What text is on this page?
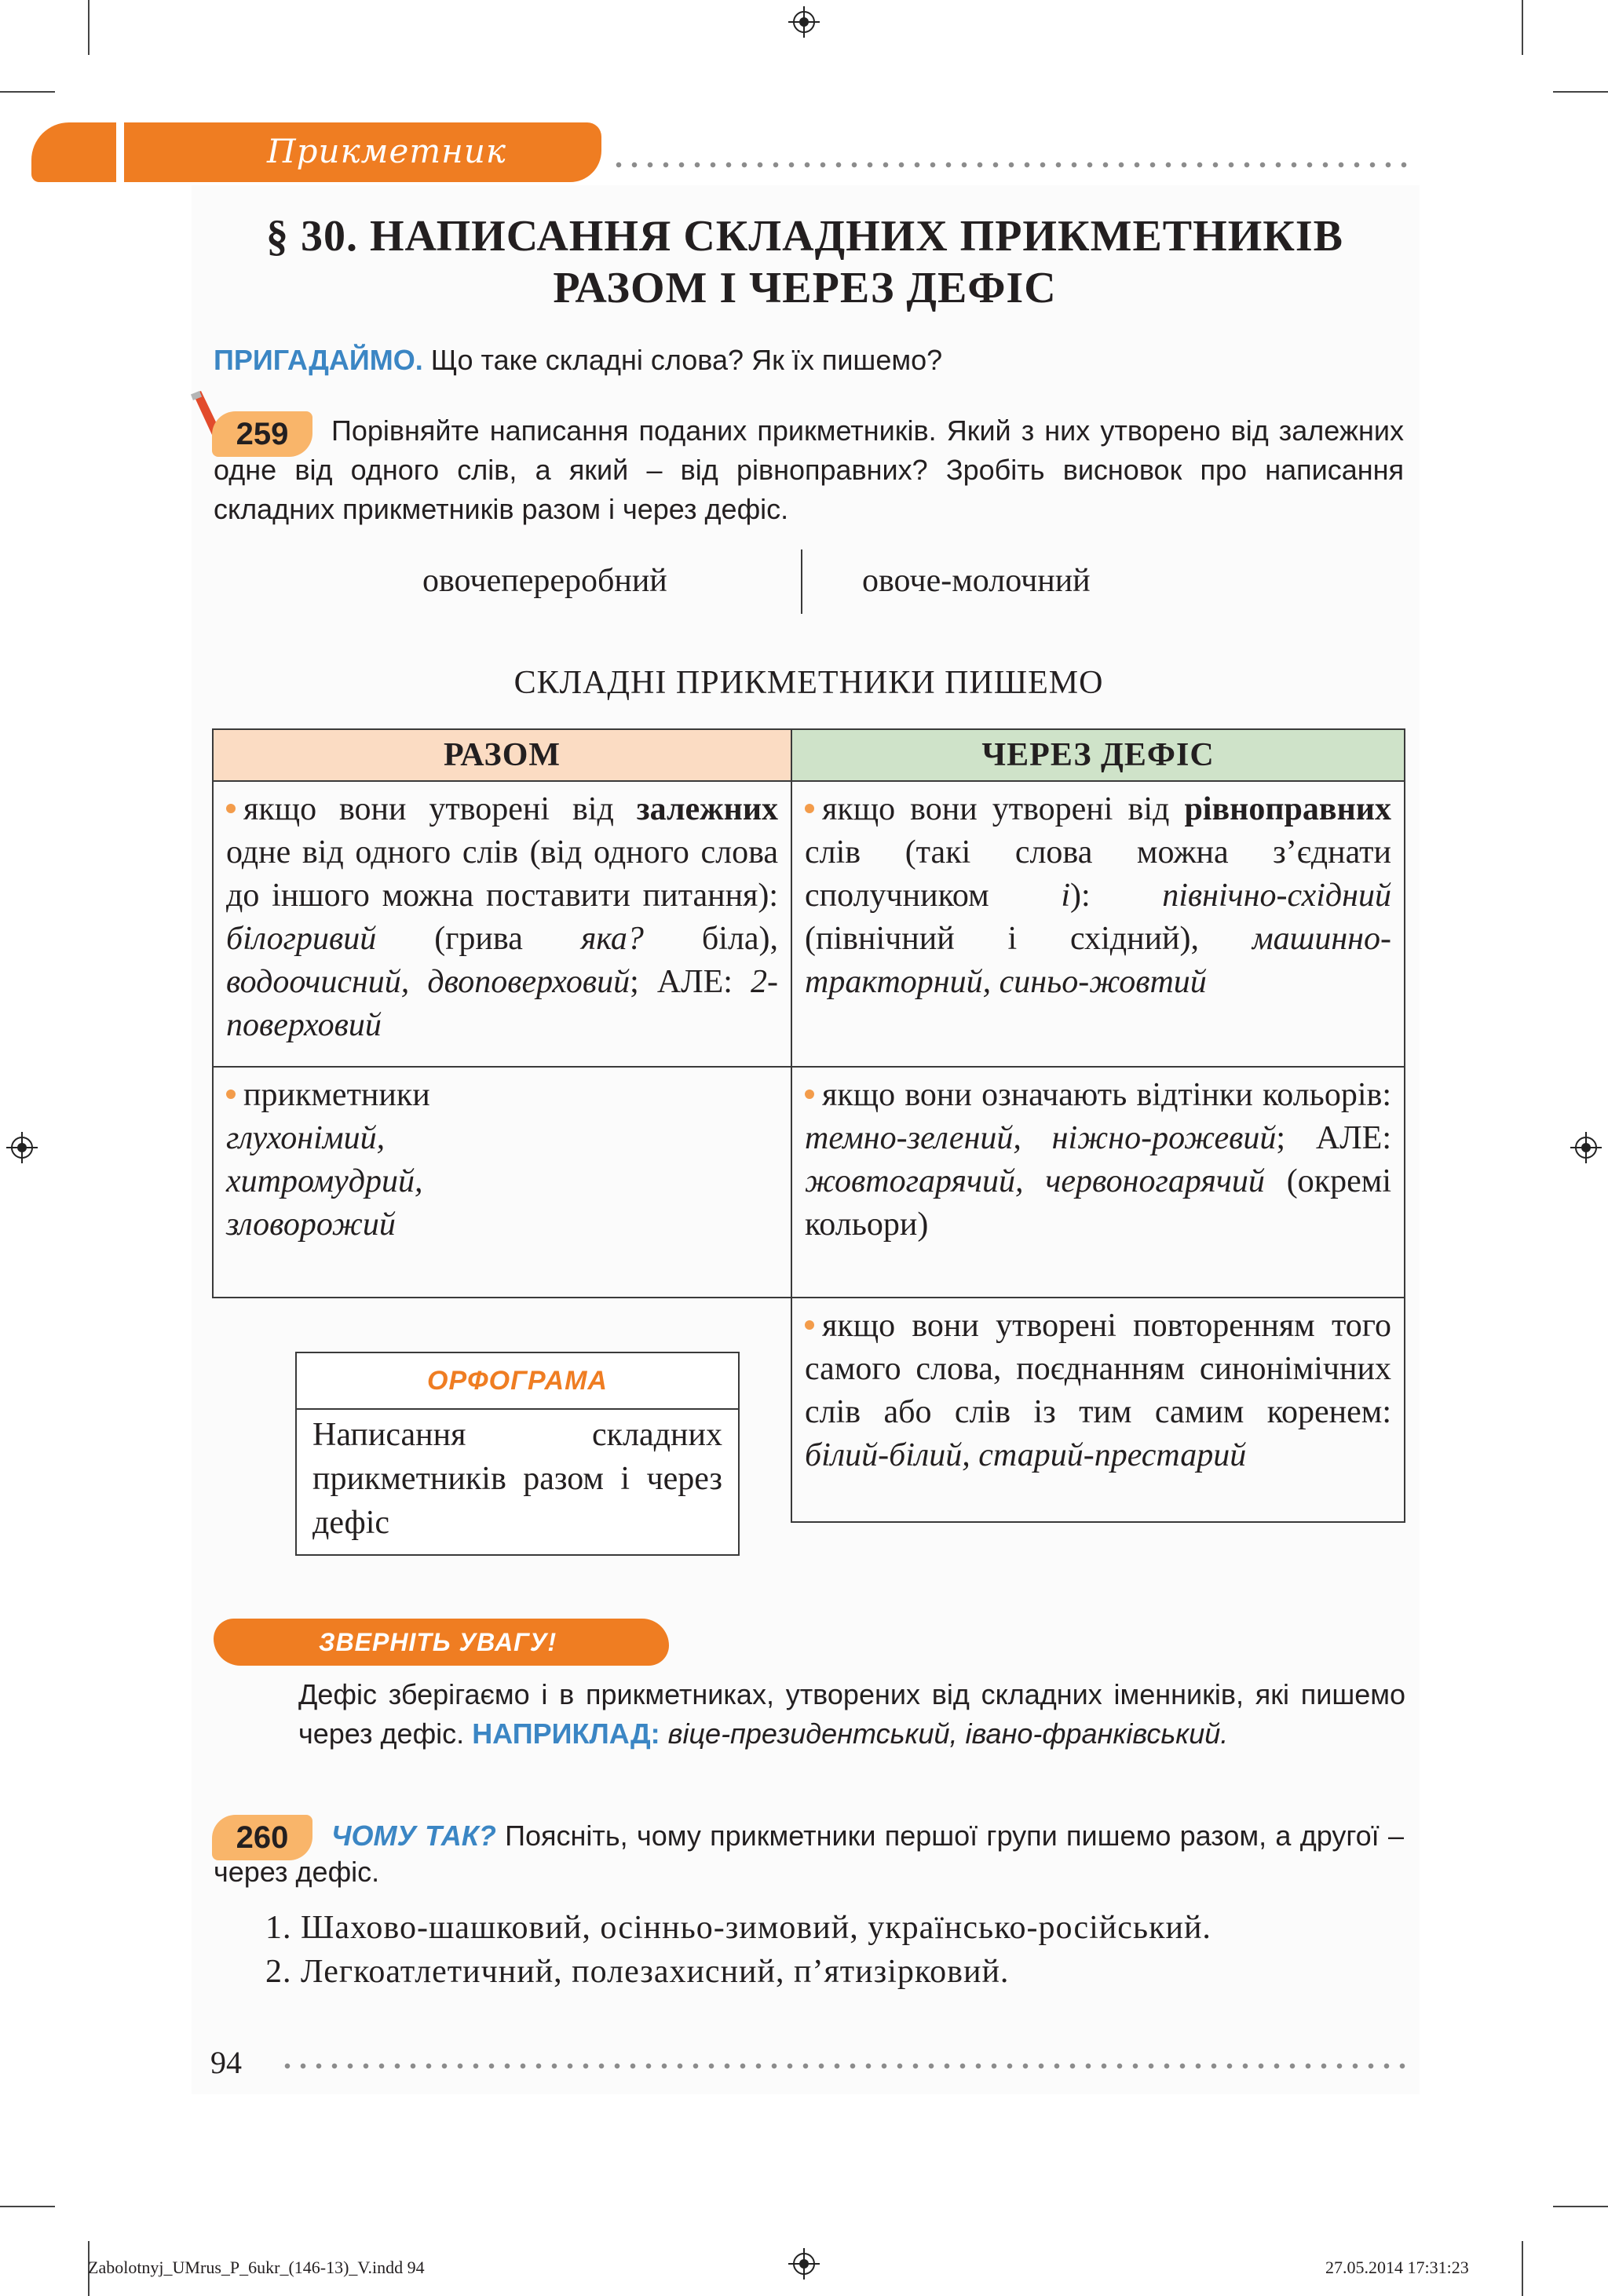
Прикметник
§ 30. НАПИСАННЯ СКЛАДНИХ ПРИКМЕТНИКІВ
РАЗОМ І ЧЕРЕЗ ДЕФІС
ПРИГАДАЙМО. Що таке складні слова? Як їх пишемо?
259	Порівняйте написання поданих прикметників. Який з них утворено від залежних одне від одного слів, а який – від рівноправних? Зробіть висновок про написання складних прикметників разом і через дефіс.
овочепереробний	овоче-молочний
СКЛАДНІ ПРИКМЕТНИКИ ПИШЕМО
РАЗОМ	ЧЕРЕЗ ДЕФІС
якщо вони утворені від залежних одне від одного слів (від одного слова до іншого можна поставити питання): білогривий (грива яка? біла), водоочисний, двоповерховий; АЛЕ: 2-поверховий	якщо вони утворені від рівноправних слів (такі слова можна з’єднати сполучником і): північно-східний (північний і східний), машинно-тракторний, синьо-жовтий

прикметники
глухонімий,
хитромудрий,
зловорожий	якщо вони означають відтінки кольорів: темно-зелений, ніжно-рожевий; АЛЕ: жовтогарячий, червоногарячий (окремі кольори)
	якщо вони утворені повторенням того самого слова, поєднанням синонімічних слів або слів із тим самим коренем: білий-білий, старий-престарий
ОРФОГРАМА
Написання складних прикметників разом і через дефіс
ЗВЕРНІТЬ УВАГУ!
Дефіс зберігаємо і в прикметниках, утворених від складних іменників, які пишемо через дефіс. НАПРИКЛАД: віце-президентський, івано-франківський.
260	ЧОМУ ТАК? Поясніть, чому прикметники першої групи пишемо разом, а другої – через дефіс.
1. Шахово-шашковий, осінньо-зимовий, українсько-російський.
2. Легкоатлетичний, полезахисний, п’ятизірковий.
94
Zabolotnyj_UMrus_P_6ukr_(146-13)_V.indd 94	27.05.2014 17:31:23
